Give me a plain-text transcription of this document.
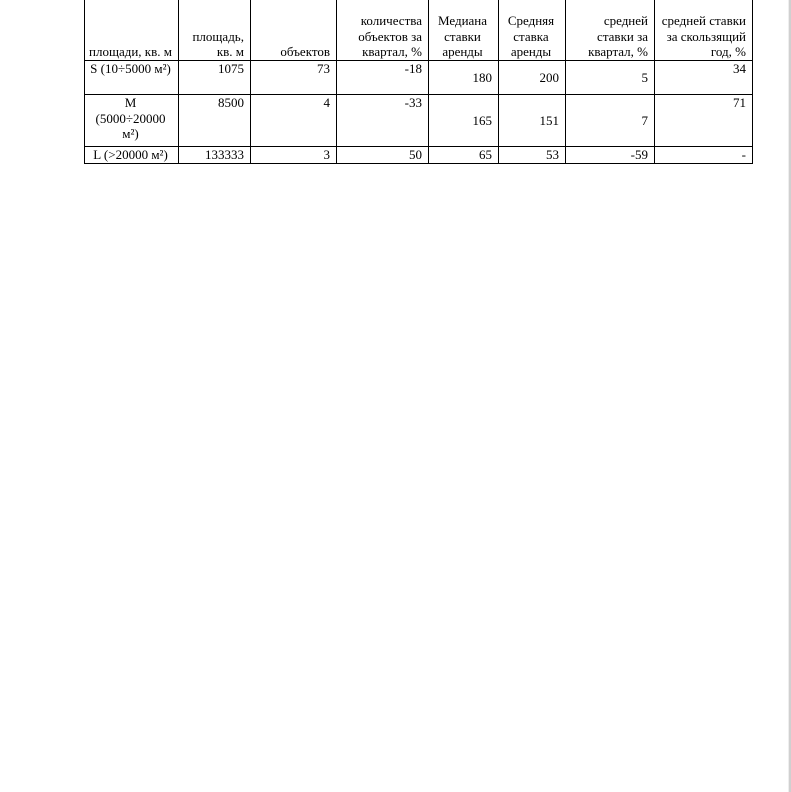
площади, кв. м	площадь, кв. м	объектов	количества объектов за квартал, %	Медиана ставки аренды	Средняя ставка аренды	средней ставки за квартал, %	средней ставки за скользящий год, %
S (10÷5000 м²)	1075	73	-18	180	200	5	34
M (5000÷20000 м²)	8500	4	-33	165	151	7	71
L (>20000 м²)	133333	3	50	65	53	-59	-
